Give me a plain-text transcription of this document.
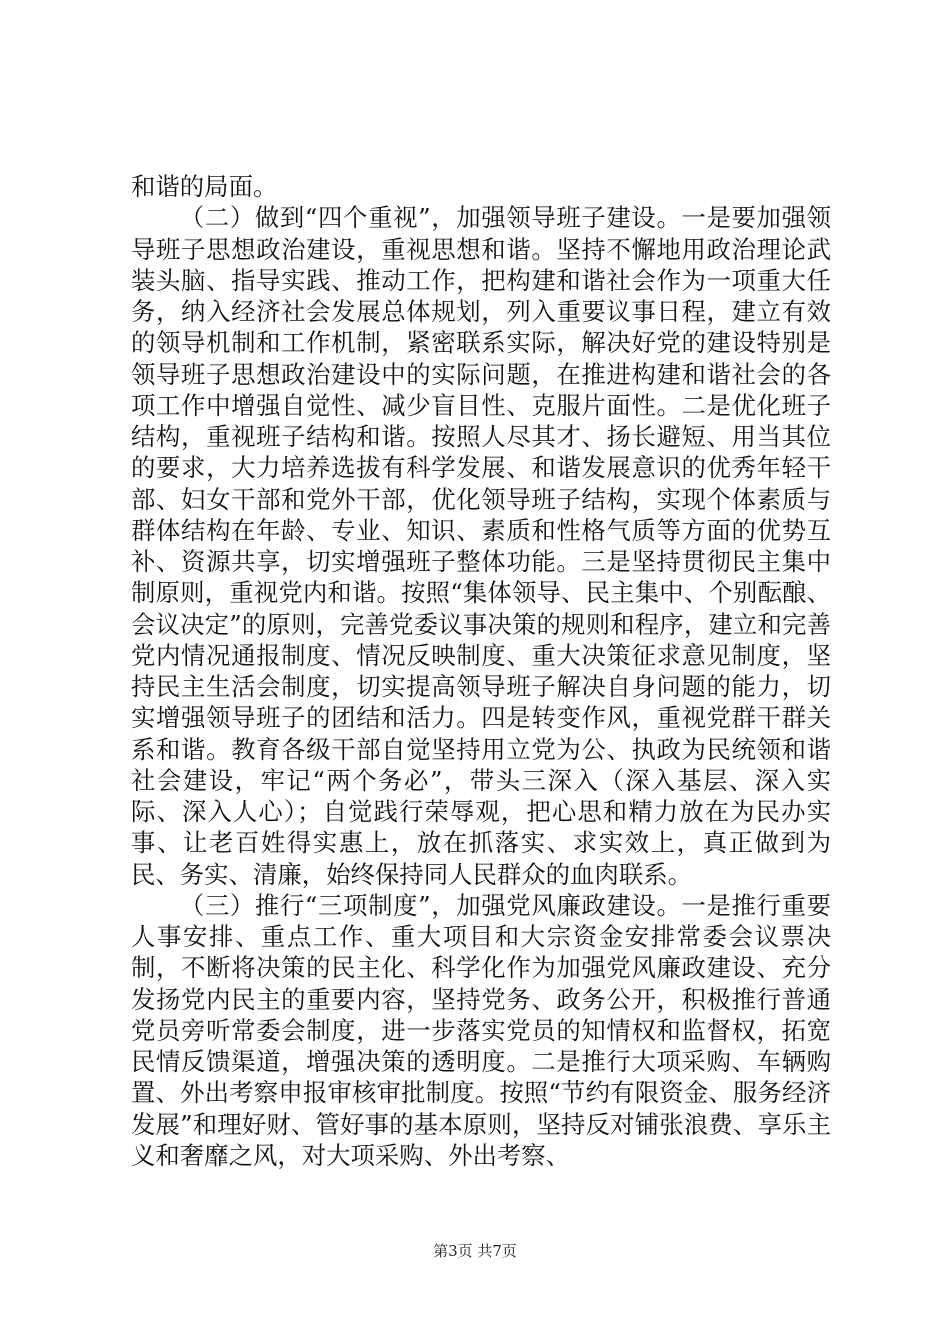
和谐的局面。

（二）做到“四个重视”，加强领导班子建设。一是要加强领导班子思想政治建设，重视思想和谐。坚持不懈地用政治理论武装头脑、指导实践、推动工作，把构建和谐社会作为一项重大任务，纳入经济社会发展总体规划，列入重要议事日程，建立有效的领导机制和工作机制，紧密联系实际，解决好党的建设特别是领导班子思想政治建设中的实际问题，在推进构建和谐社会的各项工作中增强自觉性、减少盲目性、克服片面性。二是优化班子结构，重视班子结构和谐。按照人尽其才、扬长避短、用当其位的要求，大力培养选拔有科学发展、和谐发展意识的优秀年轻干部、妇女干部和党外干部，优化领导班子结构，实现个体素质与群体结构在年龄、专业、知识、素质和性格气质等方面的优势互补、资源共享，切实增强班子整体功能。三是坚持贯彻民主集中制原则，重视党内和谐。按照“集体领导、民主集中、个别酝酿、会议决定”的原则，完善党委议事决策的规则和程序，建立和完善党内情况通报制度、情况反映制度、重大决策征求意见制度，坚持民主生活会制度，切实提高领导班子解决自身问题的能力，切实增强领导班子的团结和活力。四是转变作风，重视党群干群关系和谐。教育各级干部自觉坚持用立党为公、执政为民统领和谐社会建设，牢记“两个务必”，带头三深入（深入基层、深入实际、深入人心）；自觉践行荣辱观，把心思和精力放在为民办实事、让老百姓得实惠上，放在抓落实、求实效上，真正做到为民、务实、清廉，始终保持同人民群众的血肉联系。

（三）推行“三项制度”，加强党风廉政建设。一是推行重要人事安排、重点工作、重大项目和大宗资金安排常委会议票决制，不断将决策的民主化、科学化作为加强党风廉政建设、充分发扬党内民主的重要内容，坚持党务、政务公开，积极推行普通党员旁听常委会制度，进一步落实党员的知情权和监督权，拓宽民情反馈渠道，增强决策的透明度。二是推行大项采购、车辆购置、外出考察申报审核审批制度。按照“节约有限资金、服务经济发展”和理好财、管好事的基本原则，坚持反对铺张浪费、享乐主义和奢靡之风，对大项采购、外出考察、

第3页 共7页
